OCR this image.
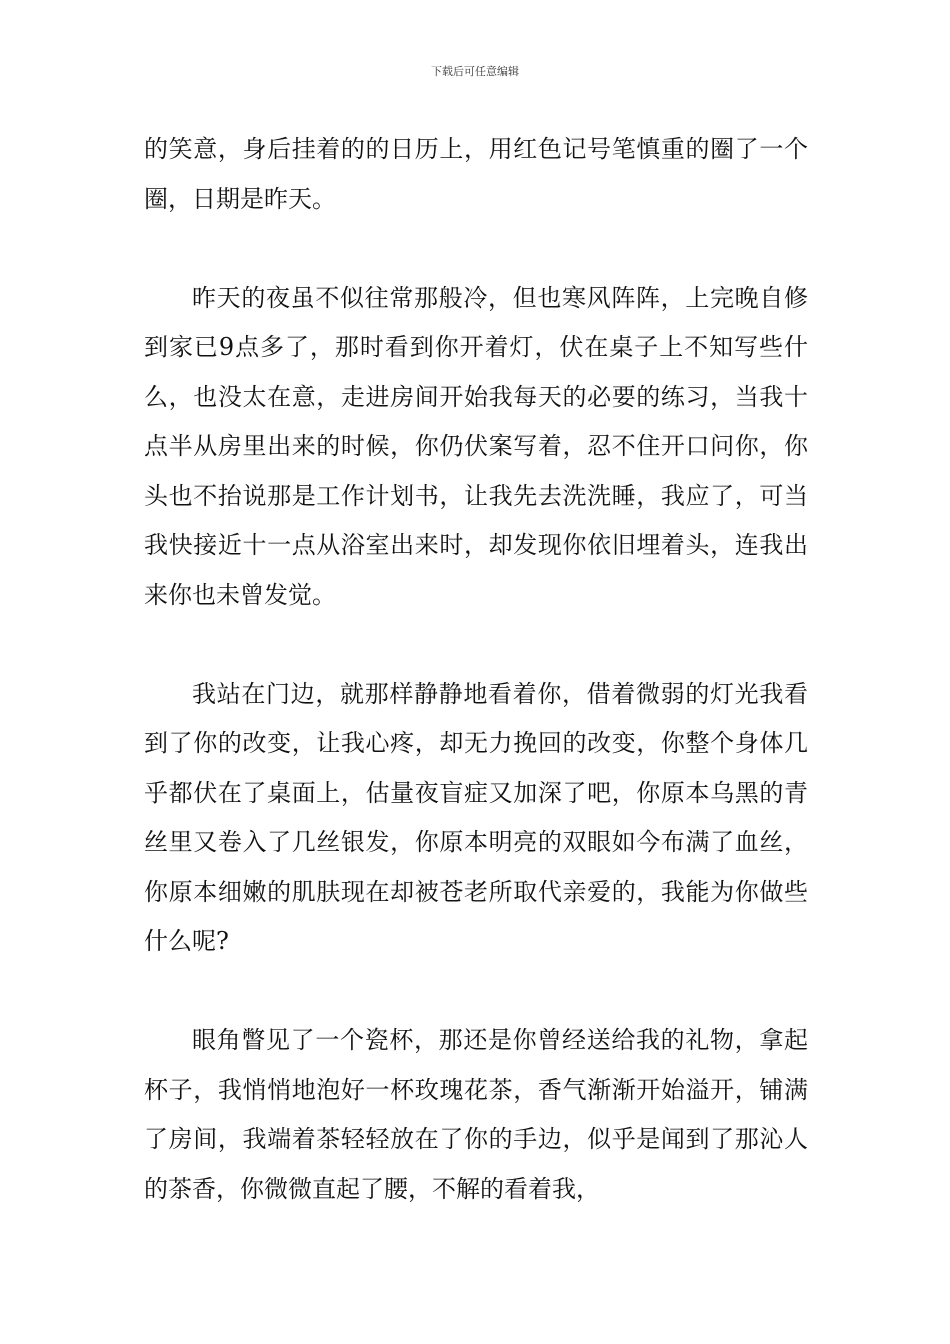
下载后可任意编辑

的笑意，身后挂着的的日历上，用红色记号笔慎重的圈了一个圈，日期是昨天。

昨天的夜虽不似往常那般冷，但也寒风阵阵，上完晚自修到家已9点多了，那时看到你开着灯，伏在桌子上不知写些什么，也没太在意，走进房间开始我每天的必要的练习，当我十点半从房里出来的时候，你仍伏案写着，忍不住开口问你，你头也不抬说那是工作计划书，让我先去洗洗睡，我应了，可当我快接近十一点从浴室出来时，却发现你依旧埋着头，连我出来你也未曾发觉。

我站在门边，就那样静静地看着你，借着微弱的灯光我看到了你的改变，让我心疼，却无力挽回的改变，你整个身体几乎都伏在了桌面上，估量夜盲症又加深了吧，你原本乌黑的青丝里又卷入了几丝银发，你原本明亮的双眼如今布满了血丝，你原本细嫩的肌肤现在却被苍老所取代亲爱的，我能为你做些什么呢?

眼角瞥见了一个瓷杯，那还是你曾经送给我的礼物，拿起杯子，我悄悄地泡好一杯玫瑰花茶，香气渐渐开始溢开，铺满了房间，我端着茶轻轻放在了你的手边，似乎是闻到了那沁人的茶香，你微微直起了腰，不解的看着我，
